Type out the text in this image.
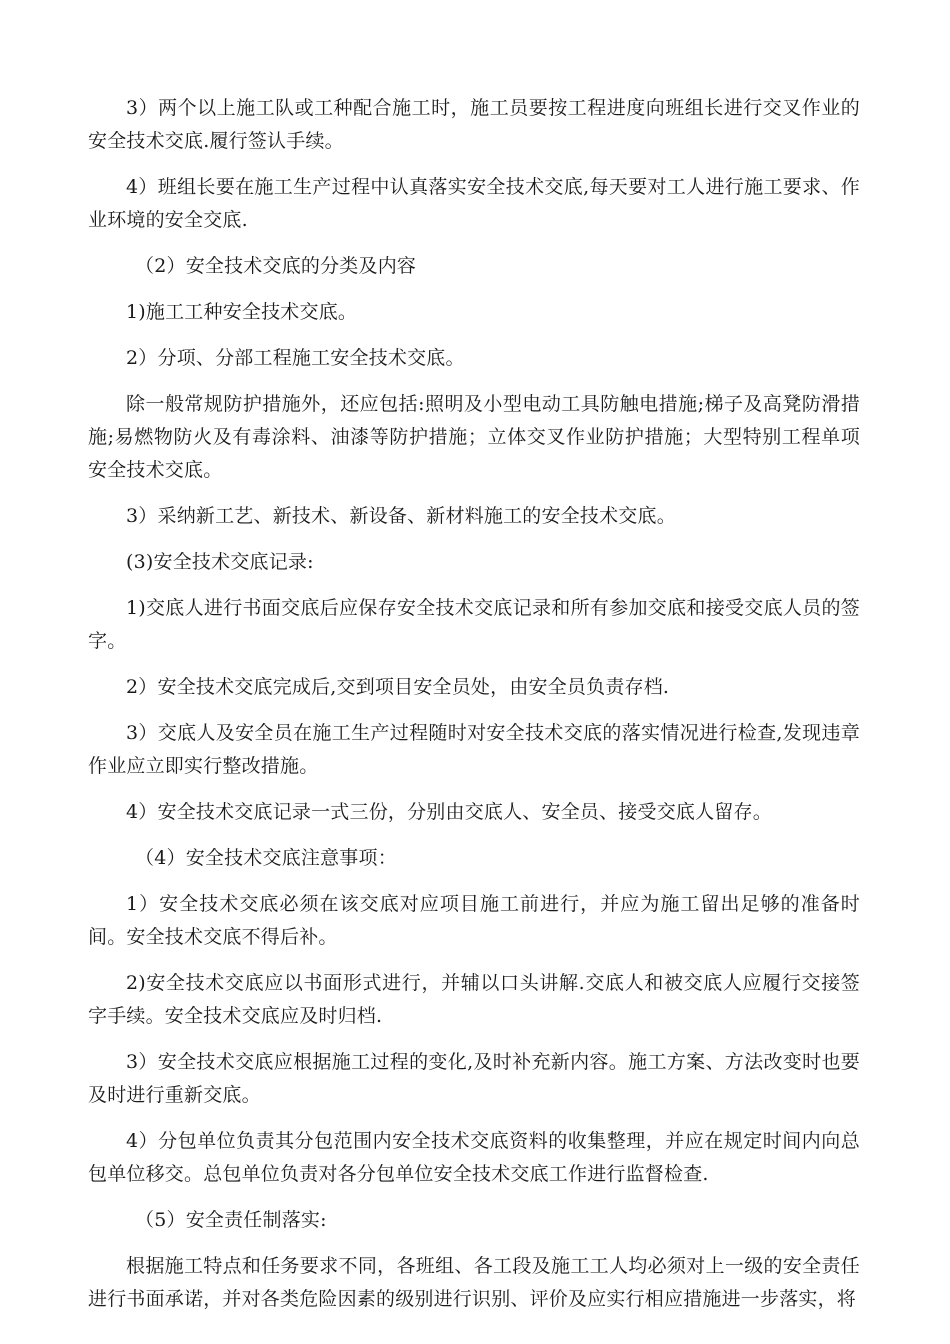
3）两个以上施工队或工种配合施工时，施工员要按工程进度向班组长进行交叉作业的安全技术交底.履行签认手续。

4）班组长要在施工生产过程中认真落实安全技术交底,每天要对工人进行施工要求、作业环境的安全交底.

（2）安全技术交底的分类及内容

1)施工工种安全技术交底。

2）分项、分部工程施工安全技术交底。

除一般常规防护措施外，还应包括:照明及小型电动工具防触电措施;梯子及高凳防滑措施;易燃物防火及有毒涂料、油漆等防护措施；立体交叉作业防护措施；大型特别工程单项安全技术交底。

3）采纳新工艺、新技术、新设备、新材料施工的安全技术交底。

(3)安全技术交底记录:

1)交底人进行书面交底后应保存安全技术交底记录和所有参加交底和接受交底人员的签字。

2）安全技术交底完成后,交到项目安全员处，由安全员负责存档.

3）交底人及安全员在施工生产过程随时对安全技术交底的落实情况进行检查,发现违章作业应立即实行整改措施。

4）安全技术交底记录一式三份，分别由交底人、安全员、接受交底人留存。

（4）安全技术交底注意事项：

1）安全技术交底必须在该交底对应项目施工前进行，并应为施工留出足够的准备时间。安全技术交底不得后补。

2)安全技术交底应以书面形式进行，并辅以口头讲解.交底人和被交底人应履行交接签字手续。安全技术交底应及时归档.

3）安全技术交底应根据施工过程的变化,及时补充新内容。施工方案、方法改变时也要及时进行重新交底。

4）分包单位负责其分包范围内安全技术交底资料的收集整理，并应在规定时间内向总包单位移交。总包单位负责对各分包单位安全技术交底工作进行监督检查.

（5）安全责任制落实:

根据施工特点和任务要求不同，各班组、各工段及施工工人均必须对上一级的安全责任进行书面承诺，并对各类危险因素的级别进行识别、评价及应实行相应措施进一步落实，将
